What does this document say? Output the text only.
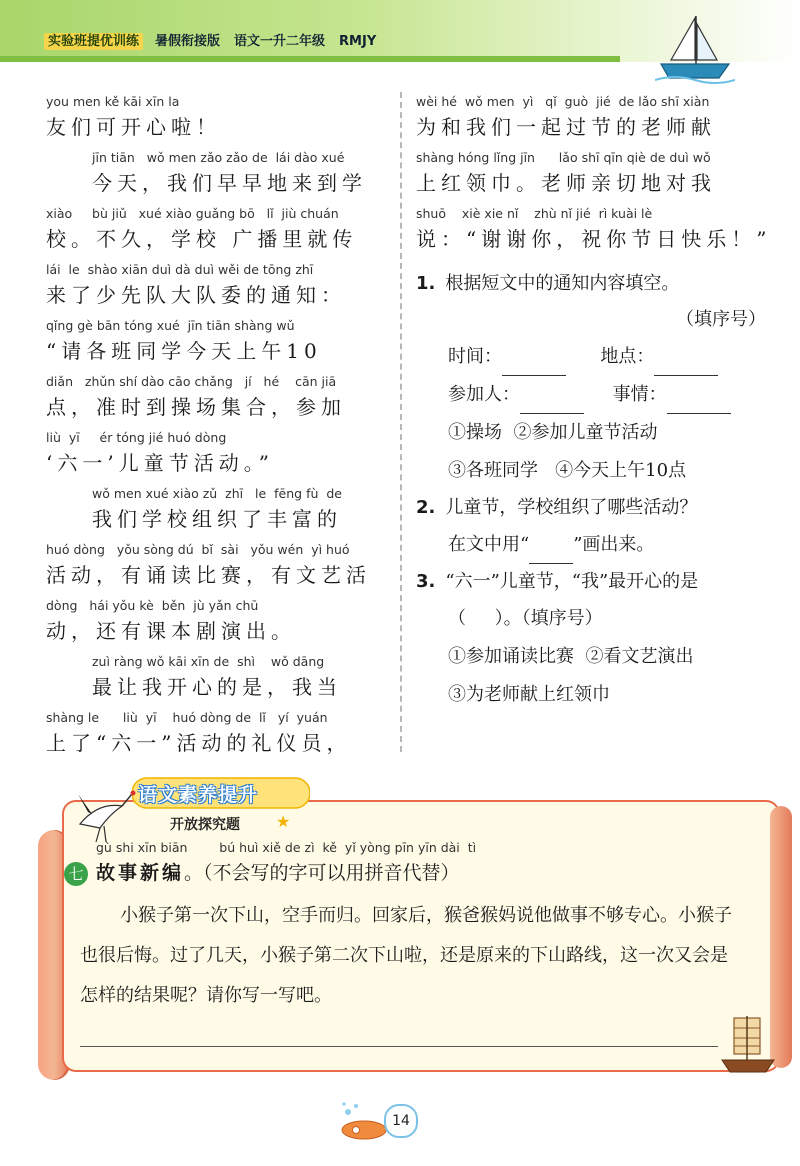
实验班提优训练 暑假衔接版 语文一升二年级 RMJY
you men kě kāi xīn la
友们可开心啦！
jīn tiān   wǒ men zǎo zǎo de  lái dào xué
今天，我们早早地来到学
xiào     bù jiǔ   xué xiào guǎng bō   lǐ  jiù chuán
校。不久，学校 广播里就传
lái  le  shào xiān duì dà duì wěi de tōng zhī
来了少先队大队委的通知：
qǐng gè bān tóng xué  jīn tiān shàng wǔ
“请各班同学今天上午10
diǎn   zhǔn shí dào cāo chǎng   jí   hé    cān jiā
点，准时到操场集合，参加
liù  yī     ér tóng jié huó dòng
‘六一’儿童节活动。”
wǒ men xué xiào zǔ  zhī   le  fēng fù  de
我们学校组织了丰富的
huó dòng   yǒu sòng dú  bǐ  sài   yǒu wén  yì huó
活动，有诵读比赛，有文艺活
dòng   hái yǒu kè  běn  jù yǎn chū
动，还有课本剧演出。
zuì ràng wǒ kāi xīn de  shì    wǒ dāng
最让我开心的是，我当
shàng le      liù  yī    huó dòng de  lǐ   yí  yuán
上了“六一”活动的礼仪员，
wèi hé  wǒ men  yì   qǐ  guò  jié  de lǎo shī xiàn
为和我们一起过节的老师献
shàng hóng lǐng jīn      lǎo shī qīn qiè de duì wǒ
上红领巾。老师亲切地对我
shuō    xiè xie nǐ    zhù nǐ jié  rì kuài lè
说：“谢谢你，祝你节日快乐！”
1. 根据短文中的通知内容填空。
（填序号）
时间：	地点：
参加人：	事情：
①操场 ②参加儿童节活动
③各班同学 ④今天上午10点
2. 儿童节，学校组织了哪些活动？
在文中用“ ”画出来。
3. “六一”儿童节，“我”最开心的是
（     ）。（填序号）
①参加诵读比赛 ②看文艺演出
③为老师献上红领巾
语文素养提升
开放探究题 ★
gù shi xīn biān        bú huì xiě de zì  kě  yǐ yòng pīn yīn dài  tì
七 故事新编。（不会写的字可以用拼音代替）
小猴子第一次下山，空手而归。回家后，猴爸猴妈说他做事不够专心。小猴子也很后悔。过了几天，小猴子第二次下山啦，还是原来的下山路线，这一次又会是怎样的结果呢？请你写一写吧。
14
